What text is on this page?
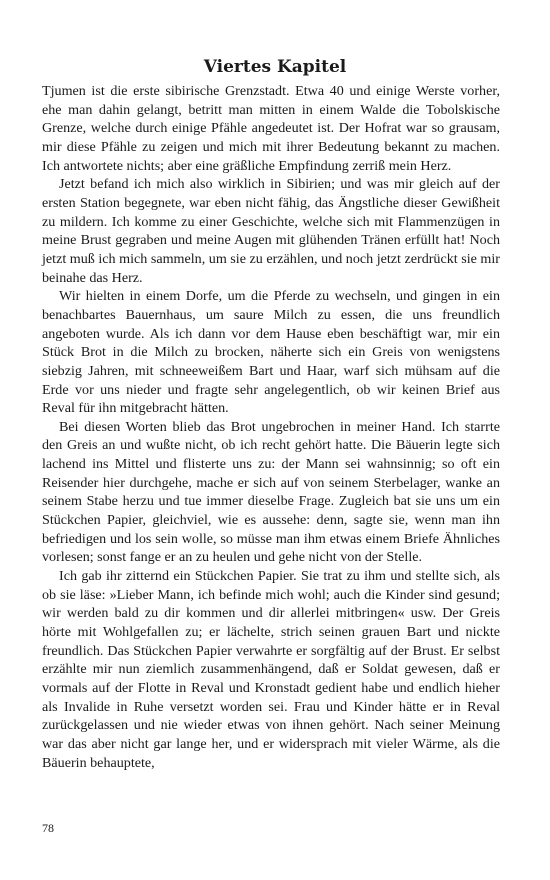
Viertes Kapitel

Tjumen ist die erste sibirische Grenzstadt. Etwa 40 und einige Werste vorher, ehe man dahin gelangt, betritt man mitten in einem Walde die Tobolskische Grenze, welche durch einige Pfähle angedeutet ist. Der Hofrat war so grausam, mir diese Pfähle zu zeigen und mich mit ihrer Bedeutung bekannt zu machen. Ich antwortete nichts; aber eine gräßliche Empfindung zerriß mein Herz.

Jetzt befand ich mich also wirklich in Sibirien; und was mir gleich auf der ersten Station begegnete, war eben nicht fähig, das Ängstliche dieser Gewißheit zu mildern. Ich komme zu einer Geschichte, welche sich mit Flammenzügen in meine Brust gegraben und meine Augen mit glühenden Tränen erfüllt hat! Noch jetzt muß ich mich sammeln, um sie zu erzählen, und noch jetzt zerdrückt sie mir beinahe das Herz.

Wir hielten in einem Dorfe, um die Pferde zu wechseln, und gingen in ein benachbartes Bauernhaus, um saure Milch zu essen, die uns freundlich angeboten wurde. Als ich dann vor dem Hause eben beschäftigt war, mir ein Stück Brot in die Milch zu brocken, näherte sich ein Greis von wenigstens siebzig Jahren, mit schneeweißem Bart und Haar, warf sich mühsam auf die Erde vor uns nieder und fragte sehr angelegentlich, ob wir keinen Brief aus Reval für ihn mitgebracht hätten.

Bei diesen Worten blieb das Brot ungebrochen in meiner Hand. Ich starrte den Greis an und wußte nicht, ob ich recht gehört hatte. Die Bäuerin legte sich lachend ins Mittel und flisterte uns zu: der Mann sei wahnsinnig; so oft ein Reisender hier durchgehe, mache er sich auf von seinem Sterbelager, wanke an seinem Stabe herzu und tue immer dieselbe Frage. Zugleich bat sie uns um ein Stückchen Papier, gleichviel, wie es aussehe: denn, sagte sie, wenn man ihn befriedigen und los sein wolle, so müsse man ihm etwas einem Briefe Ähnliches vorlesen; sonst fange er an zu heulen und gehe nicht von der Stelle.

Ich gab ihr zitternd ein Stückchen Papier. Sie trat zu ihm und stellte sich, als ob sie läse: »Lieber Mann, ich befinde mich wohl; auch die Kinder sind gesund; wir werden bald zu dir kommen und dir allerlei mitbringen« usw. Der Greis hörte mit Wohlgefallen zu; er lächelte, strich seinen grauen Bart und nickte freundlich. Das Stückchen Papier verwahrte er sorgfältig auf der Brust. Er selbst erzählte mir nun ziemlich zusammenhängend, daß er Soldat gewesen, daß er vormals auf der Flotte in Reval und Kronstadt gedient habe und endlich hieher als Invalide in Ruhe versetzt worden sei. Frau und Kinder hätte er in Reval zurückgelassen und nie wieder etwas von ihnen gehört. Nach seiner Meinung war das aber nicht gar lange her, und er widersprach mit vieler Wärme, als die Bäuerin behauptete,

78
